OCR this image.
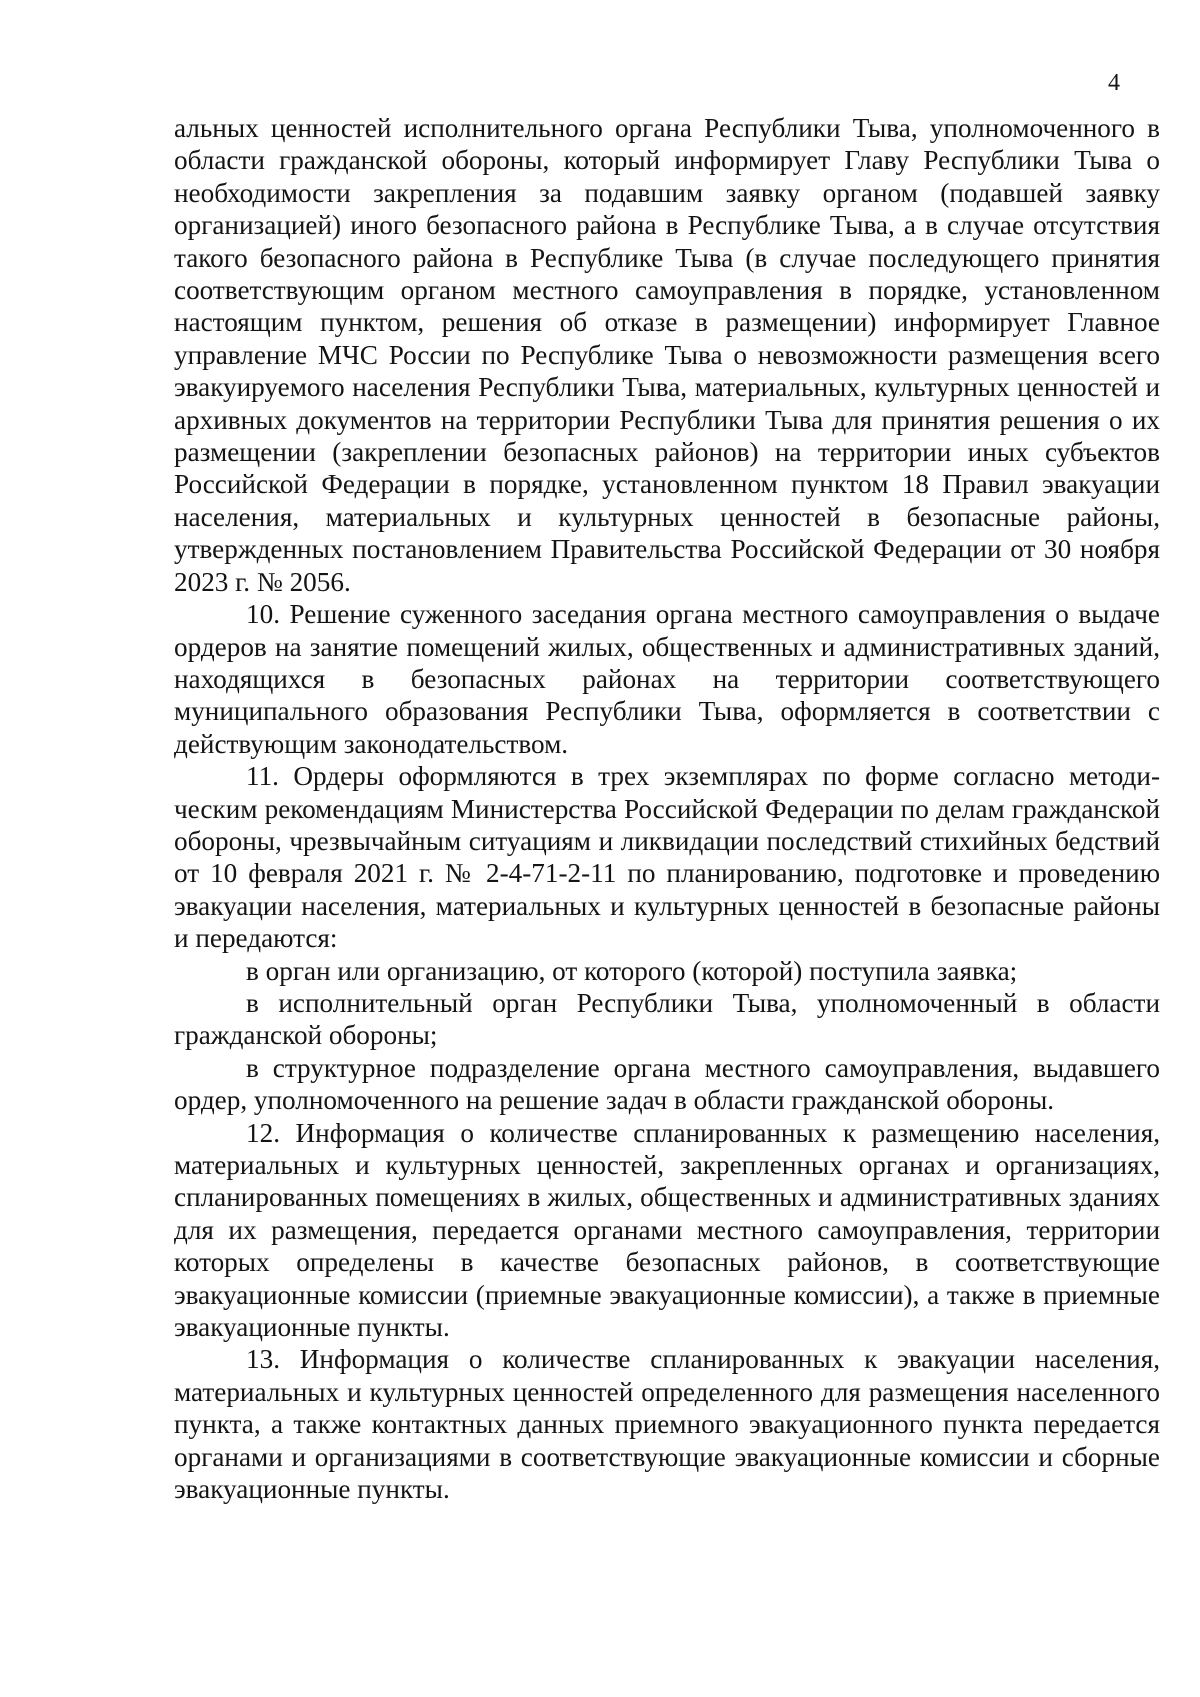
4

альных ценностей исполнительного органа Республики Тыва, уполномоченного в области гражданской обороны, который информирует Главу Республики Тыва о необходимости закрепления за подавшим заявку органом (подавшей заявку организацией) иного безопасного района в Республике Тыва, а в случае отсутствия такого безопасного района в Республике Тыва (в случае последующего принятия соответствующим органом местного самоуправления в порядке, установленном настоящим пунктом, решения об отказе в размещении) информирует Главное управление МЧС России по Республике Тыва о невозможности размещения всего эвакуируемого населения Республики Тыва, материальных, культурных ценностей и архивных документов на территории Республики Тыва для принятия решения о их размещении (закреплении безопасных районов) на территории иных субъектов Российской Федерации в порядке, установленном пунктом 18 Правил эвакуации населения, материальных и культурных ценностей в безопасные районы, утвержденных постановлением Правительства Российской Федерации от 30 ноября 2023 г. № 2056.

10. Решение суженного заседания органа местного самоуправления о выдаче ордеров на занятие помещений жилых, общественных и административных зданий, находящихся в безопасных районах на территории соответствующего муниципального образования Республики Тыва, оформляется в соответствии с действующим законодательством.

11. Ордеры оформляются в трех экземплярах по форме согласно методическим рекомендациям Министерства Российской Федерации по делам гражданской обороны, чрезвычайным ситуациям и ликвидации последствий стихийных бедствий от 10 февраля 2021 г. № 2-4-71-2-11 по планированию, подготовке и проведению эвакуации населения, материальных и культурных ценностей в безопасные районы и передаются:

в орган или организацию, от которого (которой) поступила заявка;

в исполнительный орган Республики Тыва, уполномоченный в области гражданской обороны;

в структурное подразделение органа местного самоуправления, выдавшего ордер, уполномоченного на решение задач в области гражданской обороны.

12. Информация о количестве спланированных к размещению населения, материальных и культурных ценностей, закрепленных органах и организациях, спланированных помещениях в жилых, общественных и административных зданиях для их размещения, передается органами местного самоуправления, территории которых определены в качестве безопасных районов, в соответствующие эвакуационные комиссии (приемные эвакуационные комиссии), а также в приемные эвакуационные пункты.

13. Информация о количестве спланированных к эвакуации населения, материальных и культурных ценностей определенного для размещения населенного пункта, а также контактных данных приемного эвакуационного пункта передается органами и организациями в соответствующие эвакуационные комиссии и сборные эвакуационные пункты.
